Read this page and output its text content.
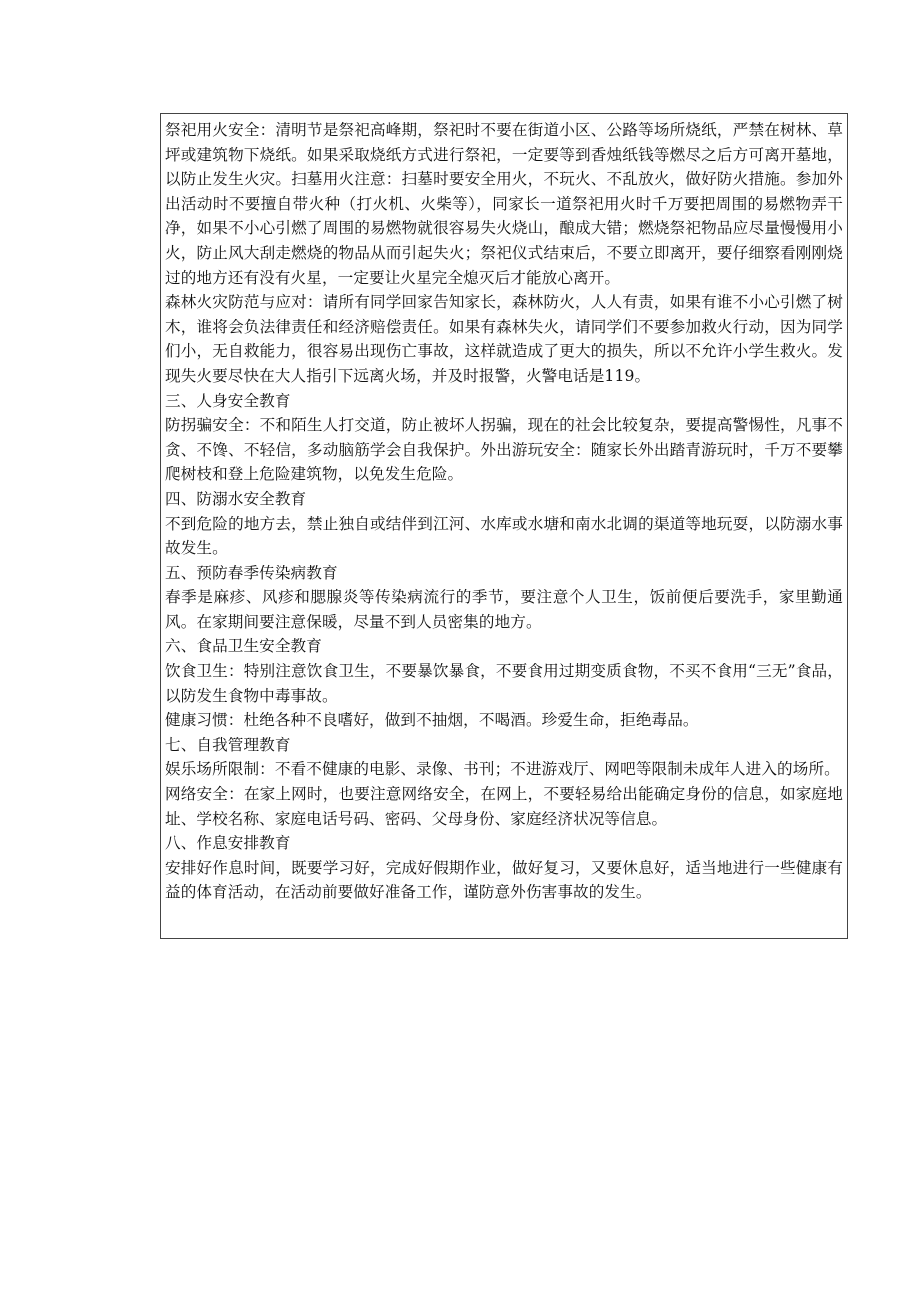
祭祀用火安全：清明节是祭祀高峰期，祭祀时不要在街道小区、公路等场所烧纸，严禁在树林、草坪或建筑物下烧纸。如果采取烧纸方式进行祭祀，一定要等到香烛纸钱等燃尽之后方可离开墓地，以防止发生火灾。扫墓用火注意：扫墓时要安全用火，不玩火、不乱放火，做好防火措施。参加外出活动时不要擅自带火种（打火机、火柴等），同家长一道祭祀用火时千万要把周围的易燃物弄干净，如果不小心引燃了周围的易燃物就很容易失火烧山，酿成大错；燃烧祭祀物品应尽量慢慢用小火，防止风大刮走燃烧的物品从而引起失火；祭祀仪式结束后，不要立即离开，要仔细察看刚刚烧过的地方还有没有火星，一定要让火星完全熄灭后才能放心离开。

森林火灾防范与应对：请所有同学回家告知家长，森林防火，人人有责，如果有谁不小心引燃了树木，谁将会负法律责任和经济赔偿责任。如果有森林失火，请同学们不要参加救火行动，因为同学们小，无自救能力，很容易出现伤亡事故，这样就造成了更大的损失，所以不允许小学生救火。发现失火要尽快在大人指引下远离火场，并及时报警，火警电话是119。

三、人身安全教育

防拐骗安全：不和陌生人打交道，防止被坏人拐骗，现在的社会比较复杂，要提高警惕性，凡事不贪、不馋、不轻信，多动脑筋学会自我保护。外出游玩安全：随家长外出踏青游玩时，千万不要攀爬树枝和登上危险建筑物，以免发生危险。

四、防溺水安全教育

不到危险的地方去，禁止独自或结伴到江河、水库或水塘和南水北调的渠道等地玩耍，以防溺水事故发生。

五、预防春季传染病教育

春季是麻疹、风疹和腮腺炎等传染病流行的季节，要注意个人卫生，饭前便后要洗手，家里勤通风。在家期间要注意保暖，尽量不到人员密集的地方。

六、食品卫生安全教育

饮食卫生：特别注意饮食卫生，不要暴饮暴食，不要食用过期变质食物，不买不食用“三无”食品，以防发生食物中毒事故。

健康习惯：杜绝各种不良嗜好，做到不抽烟，不喝酒。珍爱生命，拒绝毒品。

七、自我管理教育

娱乐场所限制：不看不健康的电影、录像、书刊；不进游戏厅、网吧等限制未成年人进入的场所。

网络安全：在家上网时，也要注意网络安全，在网上，不要轻易给出能确定身份的信息，如家庭地址、学校名称、家庭电话号码、密码、父母身份、家庭经济状况等信息。

八、作息安排教育

安排好作息时间，既要学习好，完成好假期作业，做好复习，又要休息好，适当地进行一些健康有益的体育活动，在活动前要做好准备工作，谨防意外伤害事故的发生。
